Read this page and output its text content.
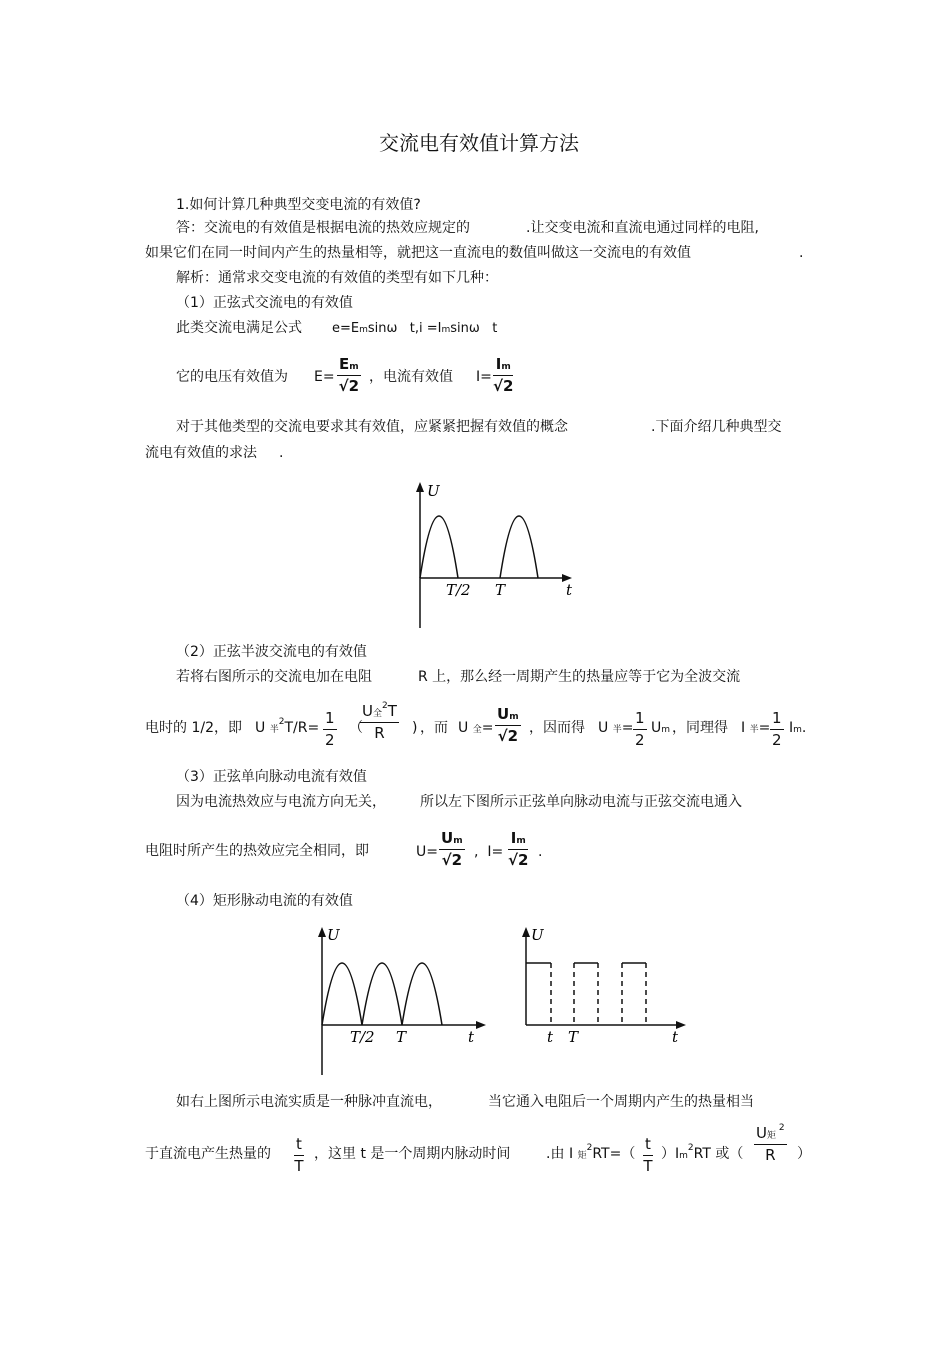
交流电有效值计算方法
1.如何计算几种典型交变电流的有效值?
答：交流电的有效值是根据电流的热效应规定的	.让交变电流和直流电通过同样的电阻,
如果它们在同一时间内产生的热量相等，就把这一直流电的数值叫做这一交流电的有效值	.
解析：通常求交变电流的有效值的类型有如下几种：
（1）正弦式交流电的有效值
此类交流电满足公式 e=Emsinω   t,i =Imsinω   t
它的电压有效值为 $E= \frac{Em}{√2}$ ，电流有效值 $I= \frac{Im}{√2}$
对于其他类型的交流电要求其有效值，应紧紧把握有效值的概念	.下面介绍几种典型交
流电有效值的求法 .
U
T/2 T	t
（2）正弦半波交流电的有效值
若将右图所示的交流电加在电阻	R 上，那么经一周期产生的热量应等于它为全波交流
电时的 1/2，即 U 半$^2T/R= \frac{1}{2}$ （
U全$^2$T
R	) ，而 U 全= $\frac{Um}{√2}$ ，因而得 U 半= $\frac{1}{2}$ Um ，同理得 I 半= $\frac{1}{2} Im$.
（3）正弦单向脉动电流有效值
因为电流热效应与电流方向无关， 所以左下图所示正弦单向脉动电流与正弦交流电通入
电阻时所产生的热效应完全相同，即	$U= \frac{Um}{√2}$ ,  $I= \frac{Im}{√2}$ .
（4）矩形脉动电流的有效值
U
T/2 T	t
U
t T	t
如右上图所示电流实质是一种脉冲直流电，	当它通入电阻后一个周期内产生的热量相当
于直流电产生热量的 $\frac{t}{T}$ ，这里 t 是一个周期内脉动时间	.由 I 矩$^2RT=( \frac{t}{T} )Im^2RT$ 或（
U矩 $^2$
R	）
